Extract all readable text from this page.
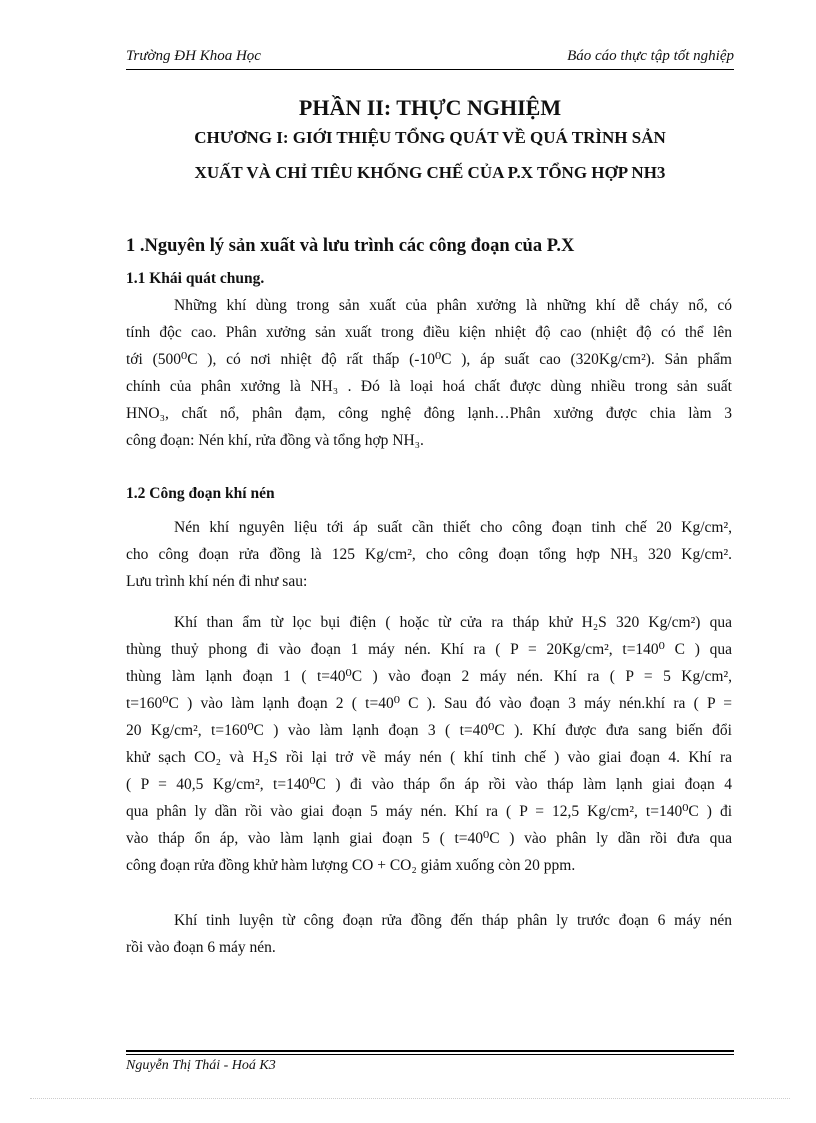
Trường ĐH Khoa Học	Báo cáo thực tập tốt nghiệp
PHẦN II: THỰC NGHIỆM
CHƯƠNG I: GIỚI THIỆU TỔNG QUÁT VỀ QUÁ TRÌNH SẢN
XUẤT VÀ CHỈ TIÊU KHỐNG CHẾ CỦA P.X TỔNG HỢP NH3
1 .Nguyên lý sản xuất và lưu trình các công đoạn của P.X
1.1 Khái quát chung.
Những khí dùng trong sản xuất của phân xưởng là những khí dễ cháy nổ, có
tính độc cao. Phân xưởng sản xuất trong điều kiện nhiệt độ cao (nhiệt độ có thể lên
tới (500⁰C ), có nơi nhiệt độ rất thấp (-10⁰C ), áp suất cao (320Kg/cm²). Sản phẩm
chính của phân xưởng là NH₃ . Đó là loại hoá chất được dùng nhiều trong sản suất
HNO₃, chất nổ, phân đạm, công nghệ đông lạnh…Phân xưởng được chia làm 3
công đoạn: Nén khí, rửa đồng và tổng hợp NH₃.
1.2 Công đoạn khí nén
Nén khí nguyên liệu tới áp suất cần thiết cho công đoạn tinh chế 20 Kg/cm²,
cho công đoạn rửa đồng là 125 Kg/cm², cho công đoạn tổng hợp NH₃ 320 Kg/cm².
Lưu trình khí nén đi như sau:
Khí than ẩm từ lọc bụi điện ( hoặc từ cửa ra tháp khử H₂S 320 Kg/cm²) qua
thùng thuỷ phong đi vào đoạn 1 máy nén. Khí ra ( P = 20Kg/cm², t=140⁰ C ) qua
thùng làm lạnh đoạn 1 ( t=40⁰C ) vào đoạn 2 máy nén. Khí ra ( P = 5 Kg/cm²,
t=160⁰C ) vào làm lạnh đoạn 2 ( t=40⁰ C ). Sau đó vào đoạn 3 máy nén.khí ra ( P =
20 Kg/cm², t=160⁰C ) vào làm lạnh đoạn 3 ( t=40⁰C ). Khí được đưa sang biến đổi
khử sạch CO₂ và H₂S rồi lại trở về máy nén ( khí tinh chế ) vào giai đoạn 4. Khí ra
( P = 40,5 Kg/cm², t=140⁰C ) đi vào tháp ổn áp rồi vào tháp làm lạnh giai đoạn 4
qua phân ly dần rồi vào giai đoạn 5 máy nén. Khí ra ( P = 12,5 Kg/cm², t=140⁰C ) đi
vào tháp ổn áp, vào làm lạnh giai đoạn 5 ( t=40⁰C ) vào phân ly dần rồi đưa qua
công đoạn rửa đồng khử hàm lượng CO + CO₂ giảm xuống còn 20 ppm.
Khí tinh luyện từ công đoạn rửa đồng đến tháp phân ly trước đoạn 6 máy nén
rồi vào đoạn 6 máy nén.
Nguyễn Thị Thái - Hoá K3
